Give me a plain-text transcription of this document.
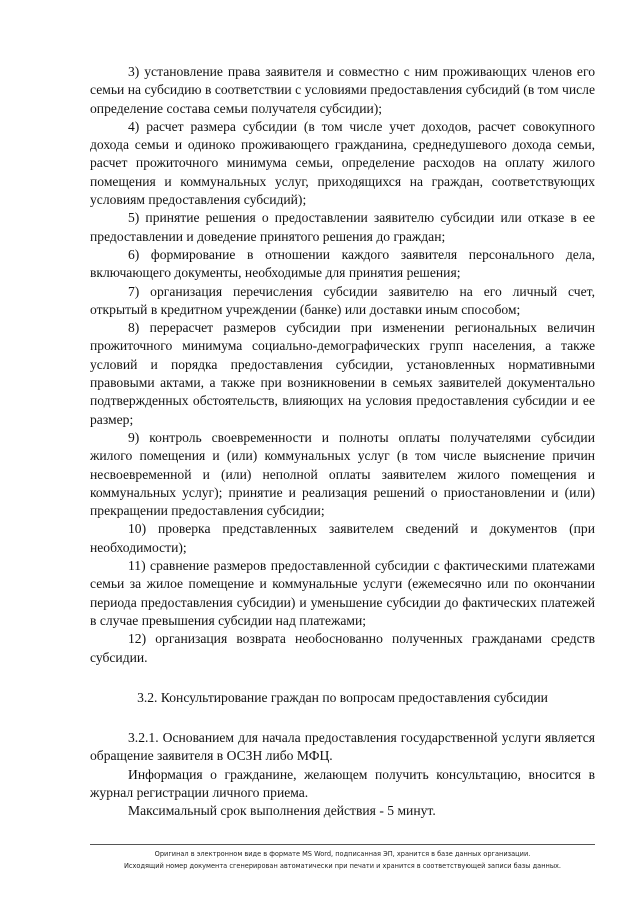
3) установление права заявителя и совместно с ним проживающих членов его семьи на субсидию в соответствии с условиями предоставления субсидий (в том числе определение состава семьи получателя субсидии);

4) расчет размера субсидии (в том числе учет доходов, расчет совокупного дохода семьи и одиноко проживающего гражданина, среднедушевого дохода семьи, расчет прожиточного минимума семьи, определение расходов на оплату жилого помещения и коммунальных услуг, приходящихся на граждан, соответствующих условиям предоставления субсидий);

5) принятие решения о предоставлении заявителю субсидии или отказе в ее предоставлении и доведение принятого решения до граждан;

6) формирование в отношении каждого заявителя персонального дела, включающего документы, необходимые для принятия решения;

7) организация перечисления субсидии заявителю на его личный счет, открытый в кредитном учреждении (банке) или доставки иным способом;

8) перерасчет размеров субсидии при изменении региональных величин прожиточного минимума социально-демографических групп населения, а также условий и порядка предоставления субсидии, установленных нормативными правовыми актами, а также при возникновении в семьях заявителей документально подтвержденных обстоятельств, влияющих на условия предоставления субсидии и ее размер;

9) контроль своевременности и полноты оплаты получателями субсидии жилого помещения и (или) коммунальных услуг (в том числе выяснение причин несвоевременной и (или) неполной оплаты заявителем жилого помещения и коммунальных услуг); принятие и реализация решений о приостановлении и (или) прекращении предоставления субсидии;

10) проверка представленных заявителем сведений и документов (при необходимости);

11) сравнение размеров предоставленной субсидии с фактическими платежами семьи за жилое помещение и коммунальные услуги (ежемесячно или по окончании периода предоставления субсидии) и уменьшение субсидии до фактических платежей в случае превышения субсидии над платежами;

12) организация возврата необоснованно полученных гражданами средств субсидии.

3.2. Консультирование граждан по вопросам предоставления субсидии

3.2.1. Основанием для начала предоставления государственной услуги является обращение заявителя в ОСЗН либо МФЦ.

Информация о гражданине, желающем получить консультацию, вносится в журнал регистрации личного приема.

Максимальный срок выполнения действия - 5 минут.

Оригинал в электронном виде в формате MS Word, подписанная ЭП, хранится в базе данных организации.
Исходящий номер документа сгенерирован автоматически при печати и хранится в соответствующей записи базы данных.
